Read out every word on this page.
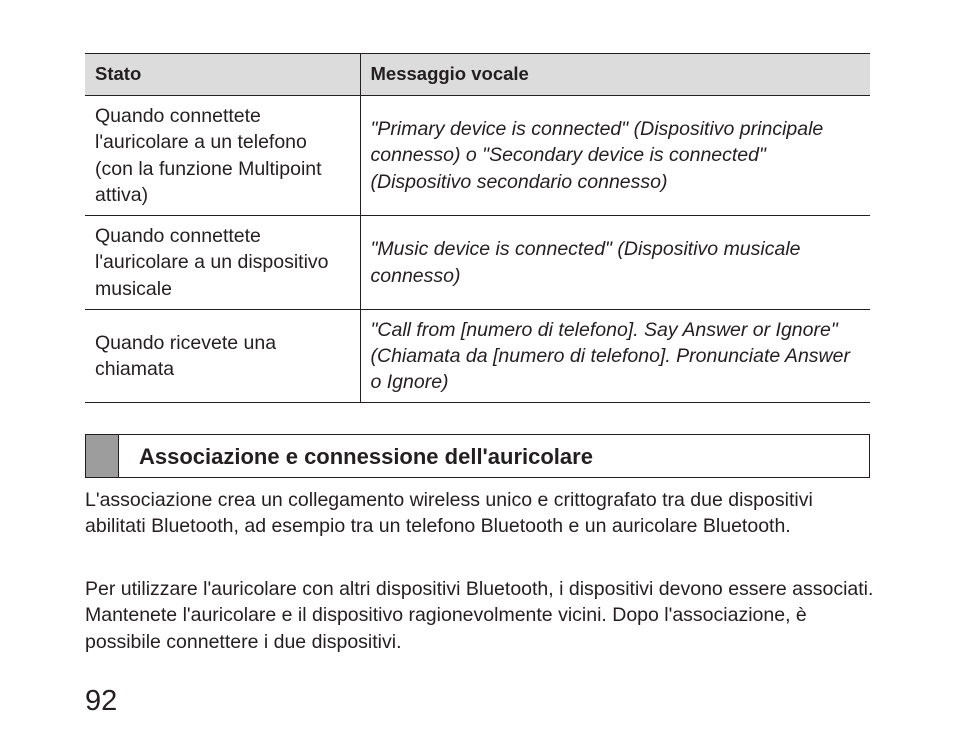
Stato	Messaggio vocale
Quando connettete l'auricolare a un telefono (con la funzione Multipoint attiva)	"Primary device is connected" (Dispositivo principale connesso) o "Secondary device is connected" (Dispositivo secondario connesso)
Quando connettete l'auricolare a un dispositivo musicale	"Music device is connected" (Dispositivo musicale connesso)
Quando ricevete una chiamata	"Call from [numero di telefono]. Say Answer or Ignore" (Chiamata da [numero di telefono]. Pronunciate Answer o Ignore)
Associazione e connessione dell'auricolare

L'associazione crea un collegamento wireless unico e crittografato tra due dispositivi abilitati Bluetooth, ad esempio tra un telefono Bluetooth e un auricolare Bluetooth.

Per utilizzare l'auricolare con altri dispositivi Bluetooth, i dispositivi devono essere associati. Mantenete l'auricolare e il dispositivo ragionevolmente vicini. Dopo l'associazione, è possibile connettere i due dispositivi.

92
